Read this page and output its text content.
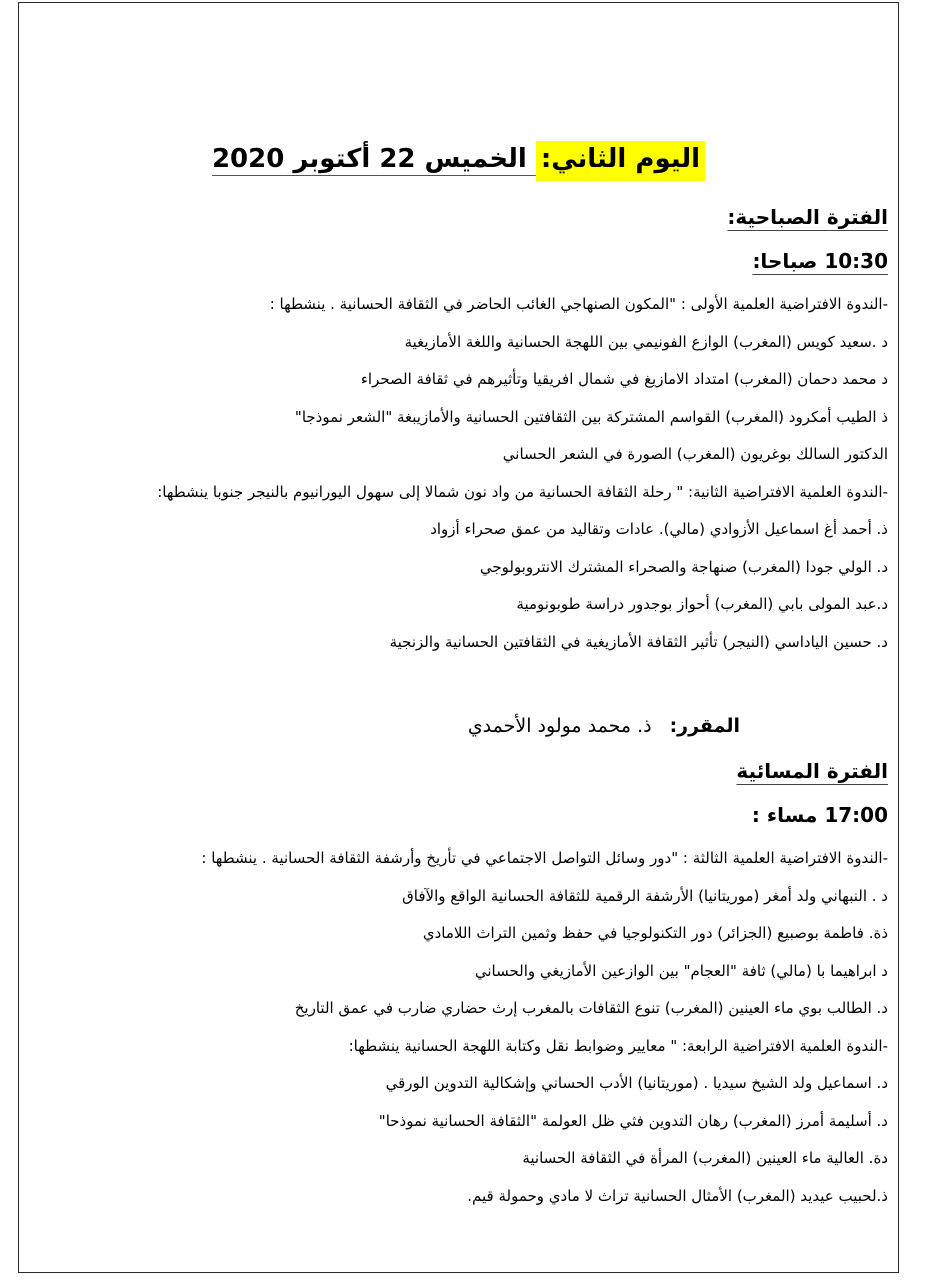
اليوم الثاني: الخميس 22 أكتوبر 2020
الفترة الصباحية:
10:30 صباحا:

-الندوة الافتراضية العلمية الأولى : "المكون الصنهاجي الغائب الحاضر في الثقافة الحسانية . ينشطها :

د .سعيد كويس (المغرب) الوازع الفونيمي بين اللهجة الحسانية واللغة الأمازيغية

د محمد دحمان (المغرب) امتداد الامازيغ في شمال افريقيا وتأثيرهم في ثقافة الصحراء

ذ الطيب أمكرود (المغرب) القواسم المشتركة بين الثقافتين الحسانية والأمازيبغة "الشعر نموذجا"

الدكتور السالك بوغريون (المغرب) الصورة في الشعر الحساني

-الندوة العلمية الافتراضية الثانية: " رحلة الثقافة الحسانية من واد نون شمالا إلى سهول اليورانيوم بالنيجر جنوبا ينشطها:

ذ. أحمد أغ اسماعيل الأزوادي (مالي). عادات وتقاليد من عمق صحراء أزواد

د. الولي جودا (المغرب) صنهاجة والصحراء المشترك الانتروبولوجي

د.عبد المولى بابي (المغرب) أحواز بوجدور دراسة طوبونومية

د. حسين الياداسي (النيجر) تأثير الثقافة الأمازيغية في الثقافتين الحسانية والزنجية

المقرر:ذ. محمد مولود الأحمدي

الفترة المسائية
17:00 مساء :

-الندوة الافتراضية العلمية الثالثة : "دور وسائل التواصل الاجتماعي في تأريخ وأرشفة الثقافة الحسانية . ينشطها :

د . النبهاني ولد أمغر (موريتانيا) الأرشفة الرقمية للثقافة الحسانية الواقع والآفاق

ذة. فاطمة بوصبيع (الجزائر) دور التكنولوجيا في حفظ وثمين التراث اللامادي

د ابراهيما با (مالي) ثافة "العجام" بين الوازعين الأمازيغي والحساني

د. الطالب بوي ماء العينين (المغرب) تنوع الثقافات بالمغرب إرث حضاري ضارب في عمق التاريخ

-الندوة العلمية الافتراضية الرابعة: " معايير وضوابط نقل وكتابة اللهجة الحسانية ينشطها:

د. اسماعيل ولد الشيخ سيديا . (موريتانيا) الأدب الحساني وإشكالية التدوين الورقي

د. أسليمة أمرز (المغرب) رهان التدوين فثي ظل العولمة "الثقافة الحسانية نموذحا"

دة. العالية ماء العينين (المغرب) المرأة في الثقافة الحسانية

ذ.لحبيب عيديد (المغرب) الأمثال الحسانية تراث لا مادي وحمولة قيم.
